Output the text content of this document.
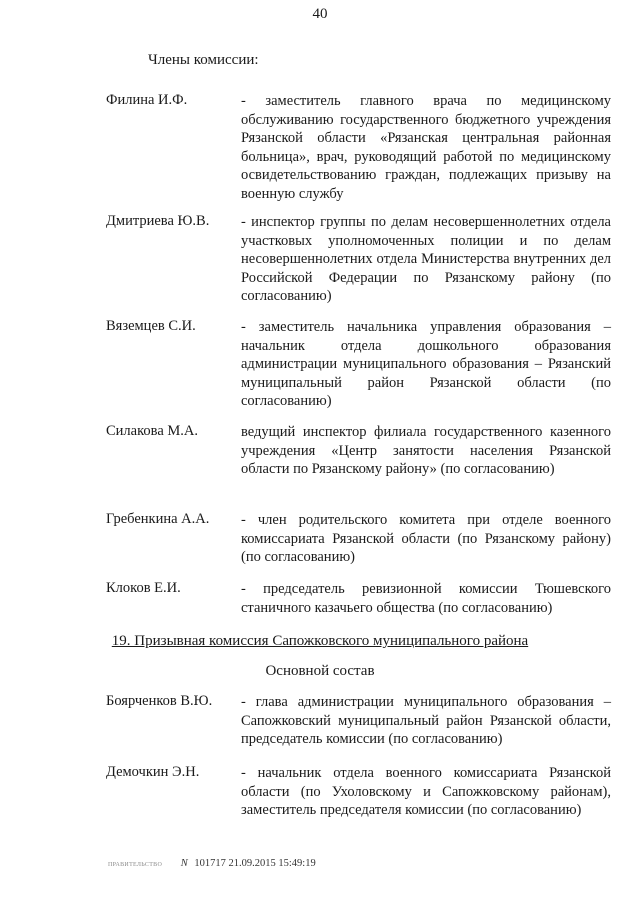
40
Члены комиссии:
Филина И.Ф.	- заместитель главного врача по медицинскому обслуживанию государственного бюджетного учреждения Рязанской области «Рязанская центральная районная больница», врач, руководящий работой по медицинскому освидетельствованию граждан, подлежащих призыву на военную службу
Дмитриева Ю.В. - инспектор группы по делам несовершеннолетних отдела участковых уполномоченных полиции и по делам несовершеннолетних отдела Министерства внутренних дел Российской Федерации по Рязанскому району (по согласованию)
Вяземцев С.И.	- заместитель начальника управления образования – начальник отдела дошкольного образования администрации муниципального образования – Рязанский муниципальный район Рязанской области (по согласованию)
Силакова М.А.	ведущий инспектор филиала государственного казенного учреждения «Центр занятости населения Рязанской области по Рязанскому району» (по согласованию)
Гребенкина А.А. - член родительского комитета при отделе военного комиссариата Рязанской области (по Рязанскому району) (по согласованию)
Клоков Е.И.	- председатель ревизионной комиссии Тюшевского станичного казачьего общества (по согласованию)
19. Призывная комиссия Сапожковского муниципального района
Основной состав
Боярченков В.Ю. - глава администрации муниципального образования – Сапожковский муниципальный район Рязанской области, председатель комиссии (по согласованию)
Демочкин Э.Н.	- начальник отдела военного комиссариата Рязанской области (по Ухоловскому и Сапожковскому районам), заместитель председателя комиссии (по согласованию)
ПРАВИТЕЛЬСТВО N 101717 21.09.2015 15:49:19
